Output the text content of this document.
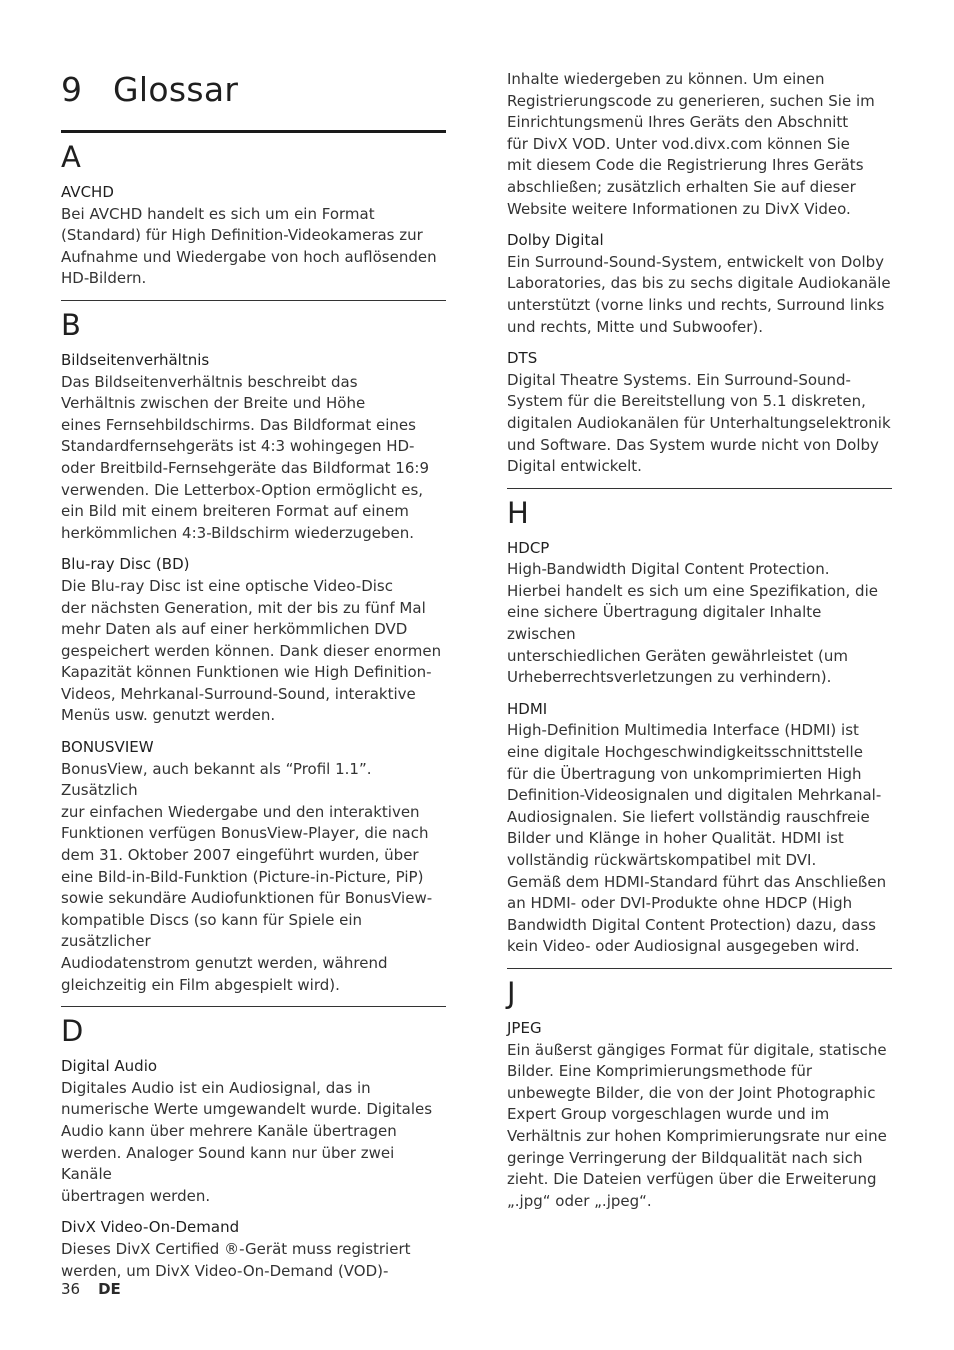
9 Glossar
A

AVCHD

Bei AVCHD handelt es sich um ein Format
(Standard) für High Definition-Videokameras zur
Aufnahme und Wiedergabe von hoch auflösenden
HD-Bildern.

B

Bildseitenverhältnis

Das Bildseitenverhältnis beschreibt das
Verhältnis zwischen der Breite und Höhe
eines Fernsehbildschirms. Das Bildformat eines
Standardfernsehgeräts ist 4:3 wohingegen HD-
oder Breitbild-Fernsehgeräte das Bildformat 16:9
verwenden. Die Letterbox-Option ermöglicht es,
ein Bild mit einem breiteren Format auf einem
herkömmlichen 4:3-Bildschirm wiederzugeben.

Blu-ray Disc (BD)

Die Blu-ray Disc ist eine optische Video-Disc
der nächsten Generation, mit der bis zu fünf Mal
mehr Daten als auf einer herkömmlichen DVD
gespeichert werden können. Dank dieser enormen
Kapazität können Funktionen wie High Definition-
Videos, Mehrkanal-Surround-Sound, interaktive
Menüs usw. genutzt werden.

BONUSVIEW

BonusView, auch bekannt als “Profil 1.1”. Zusätzlich
zur einfachen Wiedergabe und den interaktiven
Funktionen verfügen BonusView-Player, die nach
dem 31. Oktober 2007 eingeführt wurden, über
eine Bild-in-Bild-Funktion (Picture-in-Picture, PiP)
sowie sekundäre Audiofunktionen für BonusView-
kompatible Discs (so kann für Spiele ein zusätzlicher
Audiodatenstrom genutzt werden, während
gleichzeitig ein Film abgespielt wird).

D

Digital Audio

Digitales Audio ist ein Audiosignal, das in
numerische Werte umgewandelt wurde. Digitales
Audio kann über mehrere Kanäle übertragen
werden. Analoger Sound kann nur über zwei Kanäle
übertragen werden.

DivX Video-On-Demand

Dieses DivX Certified ®-Gerät muss registriert
werden, um DivX Video-On-Demand (VOD)-

Inhalte wiedergeben zu können. Um einen
Registrierungscode zu generieren, suchen Sie im
Einrichtungsmenü Ihres Geräts den Abschnitt
für DivX VOD. Unter vod.divx.com können Sie
mit diesem Code die Registrierung Ihres Geräts
abschließen; zusätzlich erhalten Sie auf dieser
Website weitere Informationen zu DivX Video.

Dolby Digital

Ein Surround-Sound-System, entwickelt von Dolby
Laboratories, das bis zu sechs digitale Audiokanäle
unterstützt (vorne links und rechts, Surround links
und rechts, Mitte und Subwoofer).

DTS

Digital Theatre Systems. Ein Surround-Sound-
System für die Bereitstellung von 5.1 diskreten,
digitalen Audiokanälen für Unterhaltungselektronik
und Software. Das System wurde nicht von Dolby
Digital entwickelt.

H

HDCP

High-Bandwidth Digital Content Protection.
Hierbei handelt es sich um eine Spezifikation, die
eine sichere Übertragung digitaler Inhalte zwischen
unterschiedlichen Geräten gewährleistet (um
Urheberrechtsverletzungen zu verhindern).

HDMI

High-Definition Multimedia Interface (HDMI) ist
eine digitale Hochgeschwindigkeitsschnittstelle
für die Übertragung von unkomprimierten High
Definition-Videosignalen und digitalen Mehrkanal-
Audiosignalen. Sie liefert vollständig rauschfreie
Bilder und Klänge in hoher Qualität. HDMI ist
vollständig rückwärtskompatibel mit DVI.
Gemäß dem HDMI-Standard führt das Anschließen
an HDMI- oder DVI-Produkte ohne HDCP (High
Bandwidth Digital Content Protection) dazu, dass
kein Video- oder Audiosignal ausgegeben wird.

J

JPEG

Ein äußerst gängiges Format für digitale, statische
Bilder. Eine Komprimierungsmethode für
unbewegte Bilder, die von der Joint Photographic
Expert Group vorgeschlagen wurde und im
Verhältnis zur hohen Komprimierungsrate nur eine
geringe Verringerung der Bildqualität nach sich
zieht. Die Dateien verfügen über die Erweiterung
„.jpg“ oder „.jpeg“.

36 DE
